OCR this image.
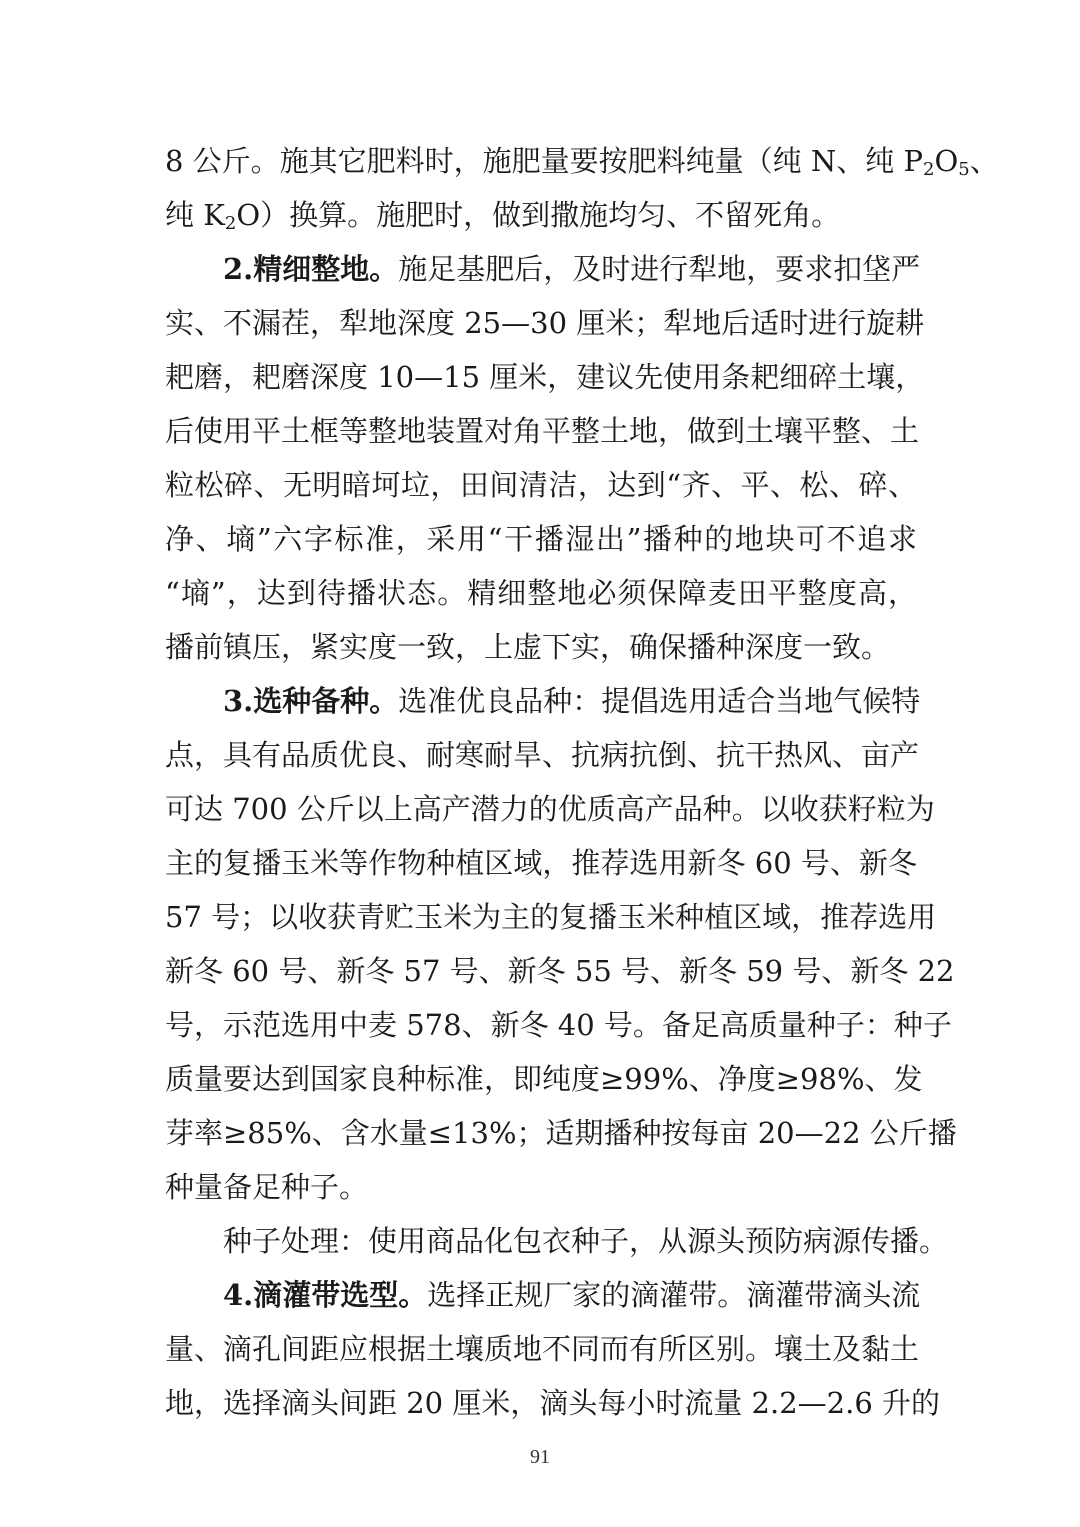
8 公斤。施其它肥料时，施肥量要按肥料纯量（纯 N、纯 $P_2O_5$、
纯 $K_2O$）换算。施肥时，做到撒施均匀、不留死角。
2.精细整地。施足基肥后，及时进行犁地，要求扣垡严
实、不漏茬，犁地深度 25—30 厘米；犁地后适时进行旋耕
耙磨，耙磨深度 10—15 厘米，建议先使用条耙细碎土壤，
后使用平土框等整地装置对角平整土地，做到土壤平整、土
粒松碎、无明暗坷垃，田间清洁，达到“齐、平、松、碎、
净、墒”六字标准，采用“干播湿出”播种的地块可不追求
“墒”，达到待播状态。精细整地必须保障麦田平整度高，
播前镇压，紧实度一致，上虚下实，确保播种深度一致。
3.选种备种。选准优良品种：提倡选用适合当地气候特
点，具有品质优良、耐寒耐旱、抗病抗倒、抗干热风、亩产
可达 700 公斤以上高产潜力的优质高产品种。以收获籽粒为
主的复播玉米等作物种植区域，推荐选用新冬 60 号、新冬
57 号；以收获青贮玉米为主的复播玉米种植区域，推荐选用
新冬 60 号、新冬 57 号、新冬 55 号、新冬 59 号、新冬 22
号，示范选用中麦 578、新冬 40 号。备足高质量种子：种子
质量要达到国家良种标准，即纯度≥99%、净度≥98%、发
芽率≥85%、含水量≤13%；适期播种按每亩 20—22 公斤播
种量备足种子。
种子处理：使用商品化包衣种子，从源头预防病源传播。
4.滴灌带选型。选择正规厂家的滴灌带。滴灌带滴头流
量、滴孔间距应根据土壤质地不同而有所区别。壤土及黏土
地，选择滴头间距 20 厘米，滴头每小时流量 2.2—2.6 升的
91
